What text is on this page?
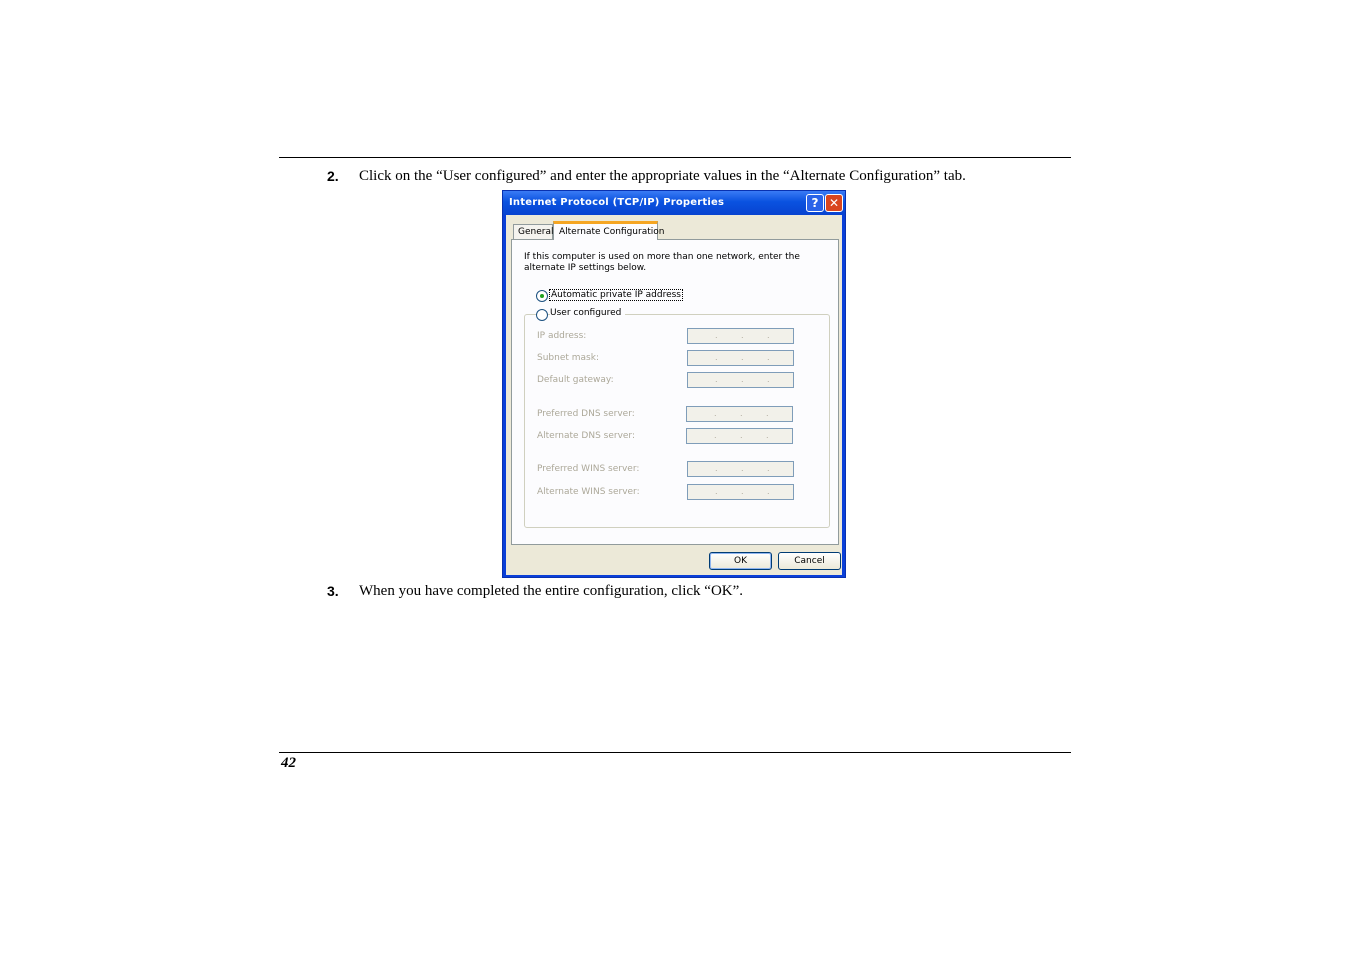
2. Click on the “User configured” and enter the appropriate values in the “Alternate Configuration” tab.
Internet Protocol (TCP/IP) Properties	? ✕
General
If this computer is used on more than one network, enter the alternate IP settings below.
Automatic private IP address
User configured
IP address:	.	.	.
Subnet mask:	.	.	.
Default gateway:	.	.	.
Preferred DNS server:	.	.	.
Alternate DNS server:	.	.	.
Preferred WINS server:	.	.	.
Alternate WINS server:	.	.	.
Alternate Configuration
OK	Cancel
3. When you have completed the entire configuration, click “OK”.
42
